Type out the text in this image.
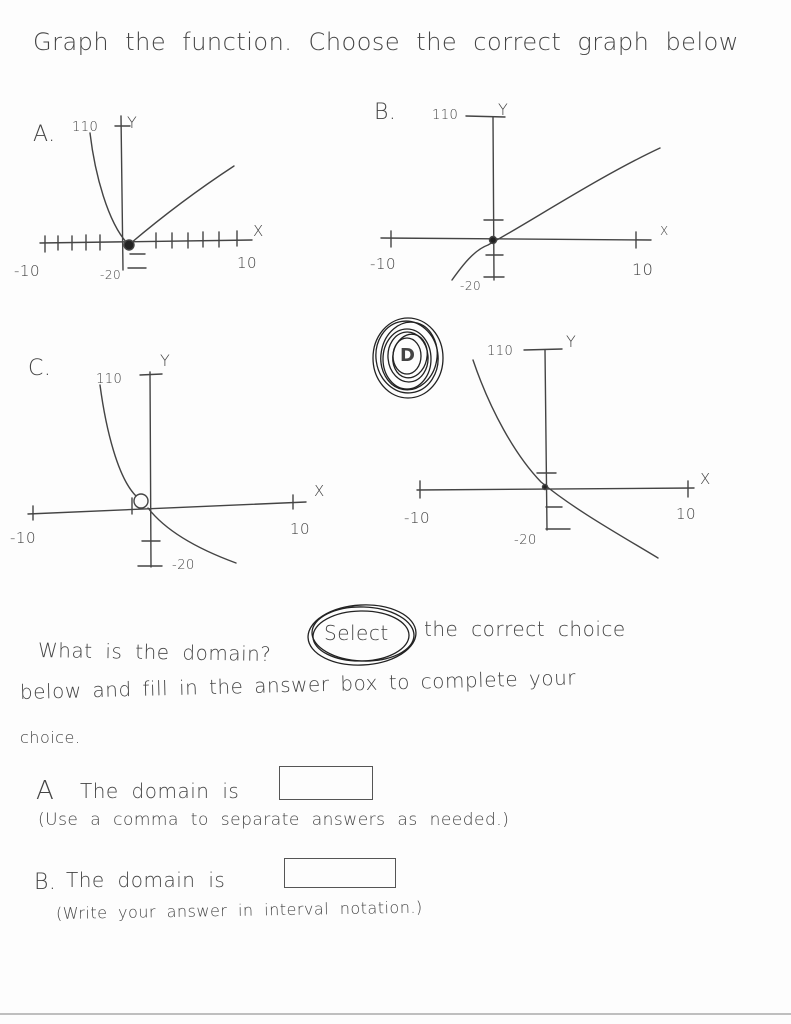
Graph the function. Choose the correct graph below
A. 110 Y
X
-10	10
-20
B.	110 Y
X
-10	10
-20
C.	110
Y
X
-10	10
-20
D	110
Y
X
-10	10
-20
What is the domain?
Select the correct choice
below and fill in the answer box to complete your
choice.
A The domain is
(Use a comma to separate answers as needed.)
B. The domain is
(Write your answer in interval notation.)
